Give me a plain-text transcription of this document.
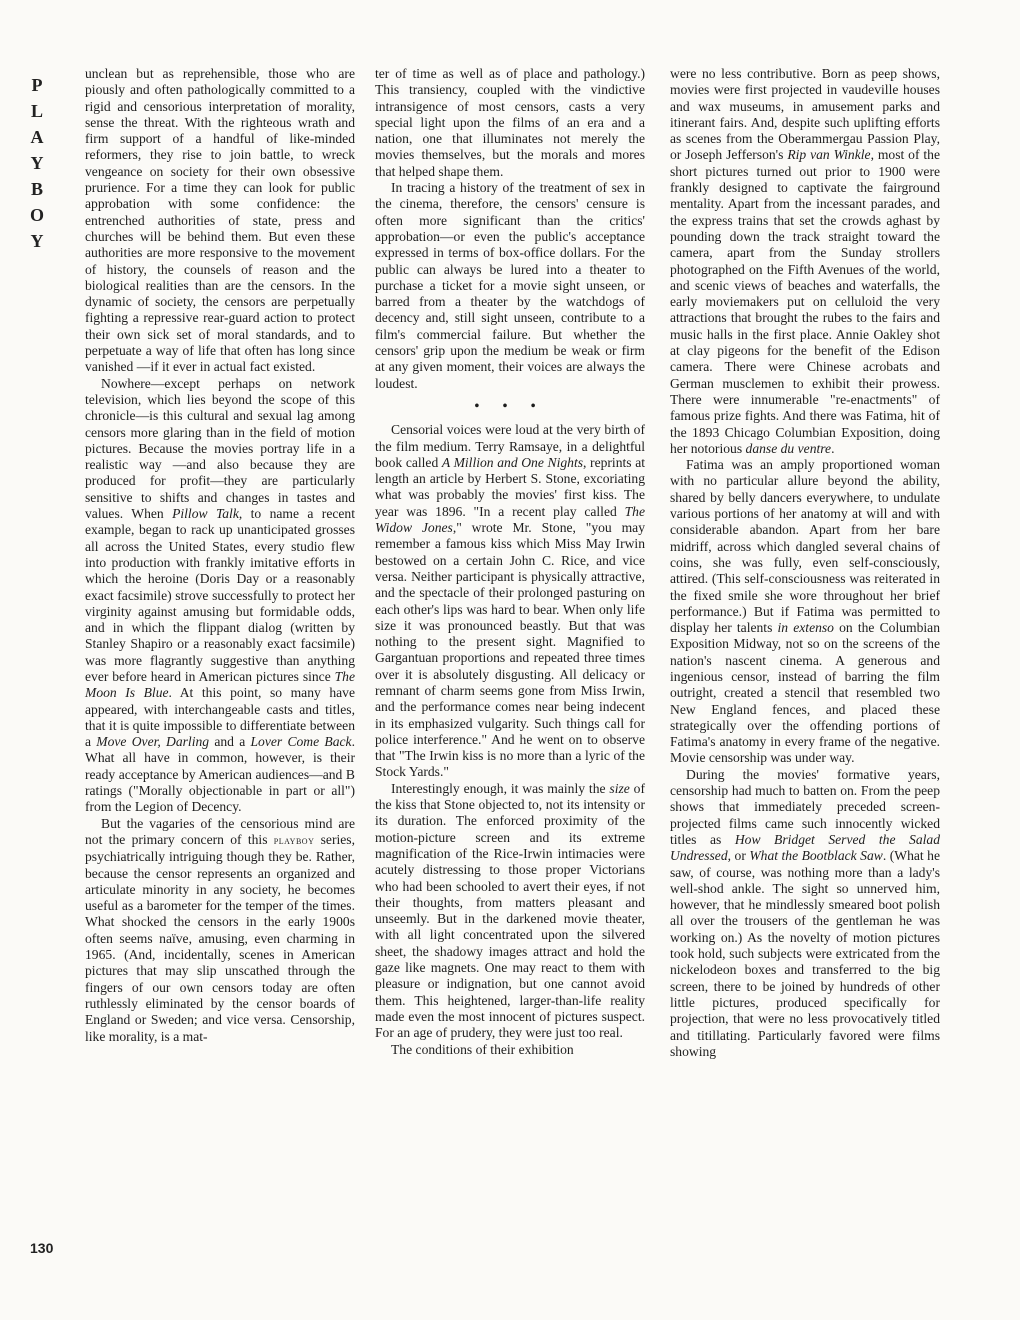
P
L
A
Y
B
O
Y
130

unclean but as reprehensible, those who are piously and often pathologically committed to a rigid and censorious interpretation of morality, sense the threat. With the righteous wrath and firm support of a handful of like-minded reformers, they rise to join battle, to wreck vengeance on society for their own obsessive prurience. For a time they can look for public approbation with some confidence: the entrenched authorities of state, press and churches will be behind them. But even these authorities are more responsive to the movement of history, the counsels of reason and the biological realities than are the censors. In the dynamic of society, the censors are perpetually fighting a repressive rear-guard action to protect their own sick set of moral standards, and to perpetuate a way of life that often has long since vanished —if it ever in actual fact existed.

Nowhere—except perhaps on network television, which lies beyond the scope of this chronicle—is this cultural and sexual lag among censors more glaring than in the field of motion pictures. Because the movies portray life in a realistic way —and also because they are produced for profit—they are particularly sensitive to shifts and changes in tastes and values. When Pillow Talk, to name a recent example, began to rack up unanticipated grosses all across the United States, every studio flew into production with frankly imitative efforts in which the heroine (Doris Day or a reasonably exact facsimile) strove successfully to protect her virginity against amusing but formidable odds, and in which the flippant dialog (written by Stanley Shapiro or a reasonably exact facsimile) was more flagrantly suggestive than anything ever before heard in American pictures since The Moon Is Blue. At this point, so many have appeared, with interchangeable casts and titles, that it is quite impossible to differentiate between a Move Over, Darling and a Lover Come Back. What all have in common, however, is their ready acceptance by American audiences—and B ratings ("Morally objectionable in part or all") from the Legion of Decency.

But the vagaries of the censorious mind are not the primary concern of this playboy series, psychiatrically intriguing though they be. Rather, because the censor represents an organized and articulate minority in any society, he becomes useful as a barometer for the temper of the times. What shocked the censors in the early 1900s often seems naïve, amusing, even charming in 1965. (And, incidentally, scenes in American pictures that may slip unscathed through the fingers of our own censors today are often ruthlessly eliminated by the censor boards of England or Sweden; and vice versa. Censorship, like morality, is a mat-

ter of time as well as of place and pathology.) This transiency, coupled with the vindictive intransigence of most censors, casts a very special light upon the films of an era and a nation, one that illuminates not merely the movies themselves, but the morals and mores that helped shape them.

In tracing a history of the treatment of sex in the cinema, therefore, the censors' censure is often more significant than the critics' approbation—or even the public's acceptance expressed in terms of box-office dollars. For the public can always be lured into a theater to purchase a ticket for a movie sight unseen, or barred from a theater by the watchdogs of decency and, still sight unseen, contribute to a film's commercial failure. But whether the censors' grip upon the medium be weak or firm at any given moment, their voices are always the loudest.

• • •

Censorial voices were loud at the very birth of the film medium. Terry Ramsaye, in a delightful book called A Million and One Nights, reprints at length an article by Herbert S. Stone, excoriating what was probably the movies' first kiss. The year was 1896. "In a recent play called The Widow Jones," wrote Mr. Stone, "you may remember a famous kiss which Miss May Irwin bestowed on a certain John C. Rice, and vice versa. Neither participant is physically attractive, and the spectacle of their prolonged pasturing on each other's lips was hard to bear. When only life size it was pronounced beastly. But that was nothing to the present sight. Magnified to Gargantuan proportions and repeated three times over it is absolutely disgusting. All delicacy or remnant of charm seems gone from Miss Irwin, and the performance comes near being indecent in its emphasized vulgarity. Such things call for police interference." And he went on to observe that "The Irwin kiss is no more than a lyric of the Stock Yards."

Interestingly enough, it was mainly the size of the kiss that Stone objected to, not its intensity or its duration. The enforced proximity of the motion-picture screen and its extreme magnification of the Rice-Irwin intimacies were acutely distressing to those proper Victorians who had been schooled to avert their eyes, if not their thoughts, from matters pleasant and unseemly. But in the darkened movie theater, with all light concentrated upon the silvered sheet, the shadowy images attract and hold the gaze like magnets. One may react to them with pleasure or indignation, but one cannot avoid them. This heightened, larger-than-life reality made even the most innocent of pictures suspect. For an age of prudery, they were just too real.

The conditions of their exhibition

were no less contributive. Born as peep shows, movies were first projected in vaudeville houses and wax museums, in amusement parks and itinerant fairs. And, despite such uplifting efforts as scenes from the Oberammergau Passion Play, or Joseph Jefferson's Rip van Winkle, most of the short pictures turned out prior to 1900 were frankly designed to captivate the fairground mentality. Apart from the incessant parades, and the express trains that set the crowds aghast by pounding down the track straight toward the camera, apart from the Sunday strollers photographed on the Fifth Avenues of the world, and scenic views of beaches and waterfalls, the early moviemakers put on celluloid the very attractions that brought the rubes to the fairs and music halls in the first place. Annie Oakley shot at clay pigeons for the benefit of the Edison camera. There were Chinese acrobats and German musclemen to exhibit their prowess. There were innumerable "re-enactments" of famous prize fights. And there was Fatima, hit of the 1893 Chicago Columbian Exposition, doing her notorious danse du ventre.

Fatima was an amply proportioned woman with no particular allure beyond the ability, shared by belly dancers everywhere, to undulate various portions of her anatomy at will and with considerable abandon. Apart from her bare midriff, across which dangled several chains of coins, she was fully, even self-consciously, attired. (This self-consciousness was reiterated in the fixed smile she wore throughout her brief performance.) But if Fatima was permitted to display her talents in extenso on the Columbian Exposition Midway, not so on the screens of the nation's nascent cinema. A generous and ingenious censor, instead of barring the film outright, created a stencil that resembled two New England fences, and placed these strategically over the offending portions of Fatima's anatomy in every frame of the negative. Movie censorship was under way.

During the movies' formative years, censorship had much to batten on. From the peep shows that immediately preceded screen-projected films came such innocently wicked titles as How Bridget Served the Salad Undressed, or What the Bootblack Saw. (What he saw, of course, was nothing more than a lady's well-shod ankle. The sight so unnerved him, however, that he mindlessly smeared boot polish all over the trousers of the gentleman he was working on.) As the novelty of motion pictures took hold, such subjects were extricated from the nickelodeon boxes and transferred to the big screen, there to be joined by hundreds of other little pictures, produced specifically for projection, that were no less provocatively titled and titillating. Particularly favored were films showing
